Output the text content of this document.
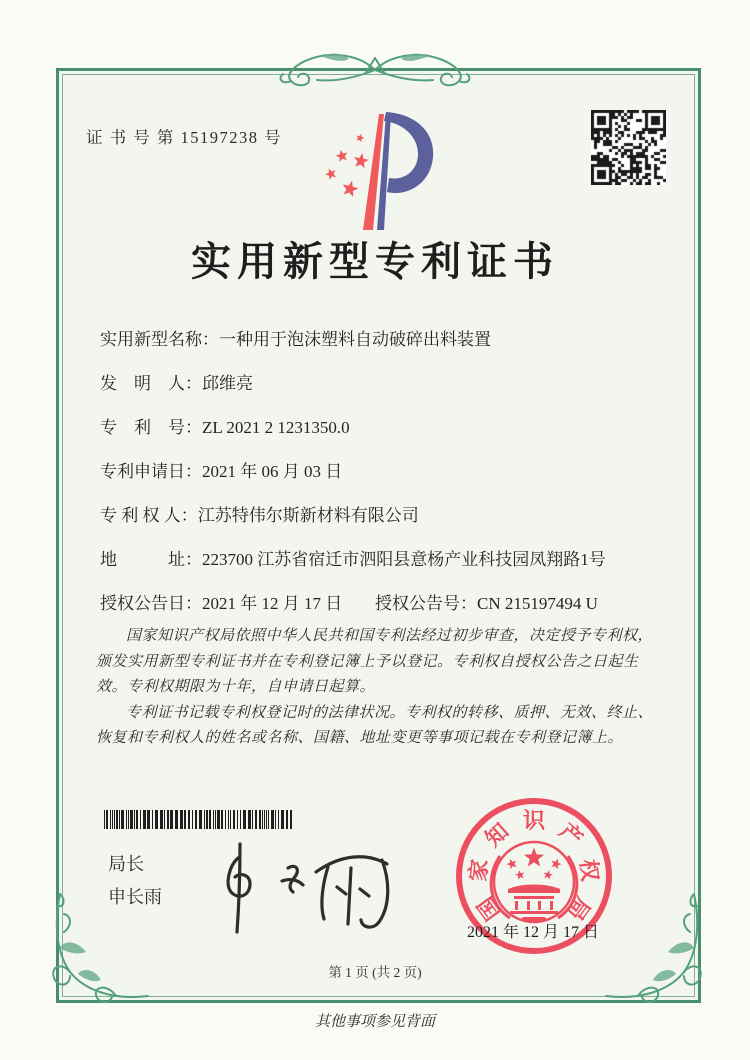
证 书 号 第 15197238 号
实用新型专利证书
实用新型名称：一种用于泡沫塑料自动破碎出料装置
发　明　人：邱维亮
专　利　号：ZL 2021 2 1231350.0
专利申请日：2021 年 06 月 03 日
专 利 权 人：江苏特伟尔斯新材料有限公司
地　　　址：223700 江苏省宿迁市泗阳县意杨产业科技园凤翔路1号
授权公告日：2021 年 12 月 17 日 授权公告号：CN 215197494 U

国家知识产权局依照中华人民共和国专利法经过初步审查，决定授予专利权，颁发实用新型专利证书并在专利登记簿上予以登记。专利权自授权公告之日起生效。专利权期限为十年，自申请日起算。

专利证书记载专利权登记时的法律状况。专利权的转移、质押、无效、终止、恢复和专利权人的姓名或名称、国籍、地址变更等事项记载在专利登记簿上。

局长
申长雨	国
家
知 识 产
权
局
2021 年 12 月 17 日
第 1 页 (共 2 页)
其他事项参见背面
